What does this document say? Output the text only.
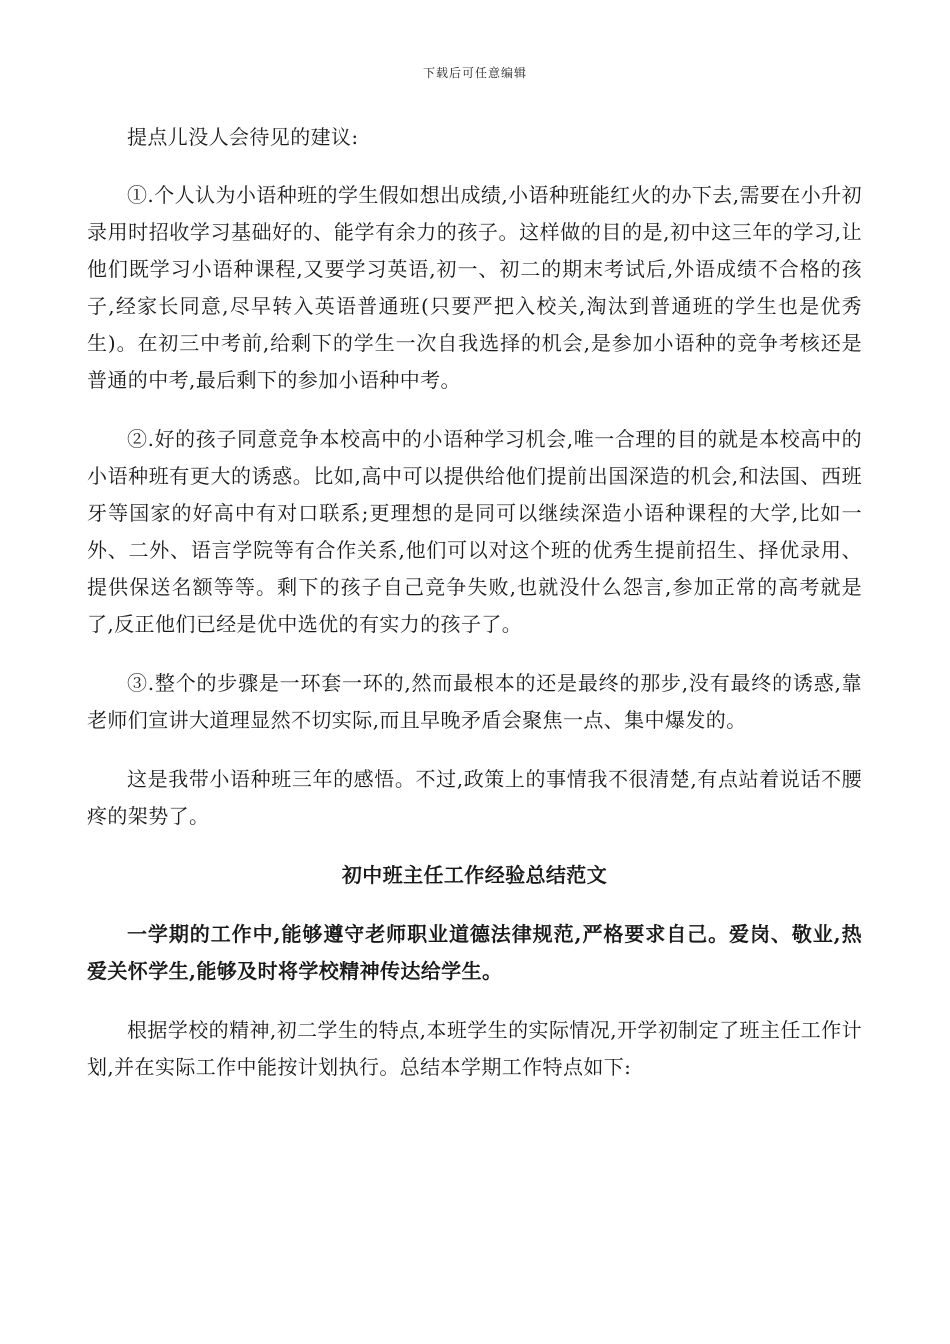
下载后可任意编辑

提点儿没人会待见的建议:

①.个人认为小语种班的学生假如想出成绩,小语种班能红火的办下去,需要在小升初录用时招收学习基础好的、能学有余力的孩子。这样做的目的是,初中这三年的学习,让他们既学习小语种课程,又要学习英语,初一、初二的期末考试后,外语成绩不合格的孩子,经家长同意,尽早转入英语普通班(只要严把入校关,淘汰到普通班的学生也是优秀生)。在初三中考前,给剩下的学生一次自我选择的机会,是参加小语种的竞争考核还是普通的中考,最后剩下的参加小语种中考。

②.好的孩子同意竞争本校高中的小语种学习机会,唯一合理的目的就是本校高中的小语种班有更大的诱惑。比如,高中可以提供给他们提前出国深造的机会,和法国、西班牙等国家的好高中有对口联系;更理想的是同可以继续深造小语种课程的大学,比如一外、二外、语言学院等有合作关系,他们可以对这个班的优秀生提前招生、择优录用、提供保送名额等等。剩下的孩子自己竞争失败,也就没什么怨言,参加正常的高考就是了,反正他们已经是优中选优的有实力的孩子了。

③.整个的步骤是一环套一环的,然而最根本的还是最终的那步,没有最终的诱惑,靠老师们宣讲大道理显然不切实际,而且早晚矛盾会聚焦一点、集中爆发的。

这是我带小语种班三年的感悟。不过,政策上的事情我不很清楚,有点站着说话不腰疼的架势了。

初中班主任工作经验总结范文

一学期的工作中,能够遵守老师职业道德法律规范,严格要求自己。爱岗、敬业,热爱关怀学生,能够及时将学校精神传达给学生。

根据学校的精神,初二学生的特点,本班学生的实际情况,开学初制定了班主任工作计划,并在实际工作中能按计划执行。总结本学期工作特点如下:
